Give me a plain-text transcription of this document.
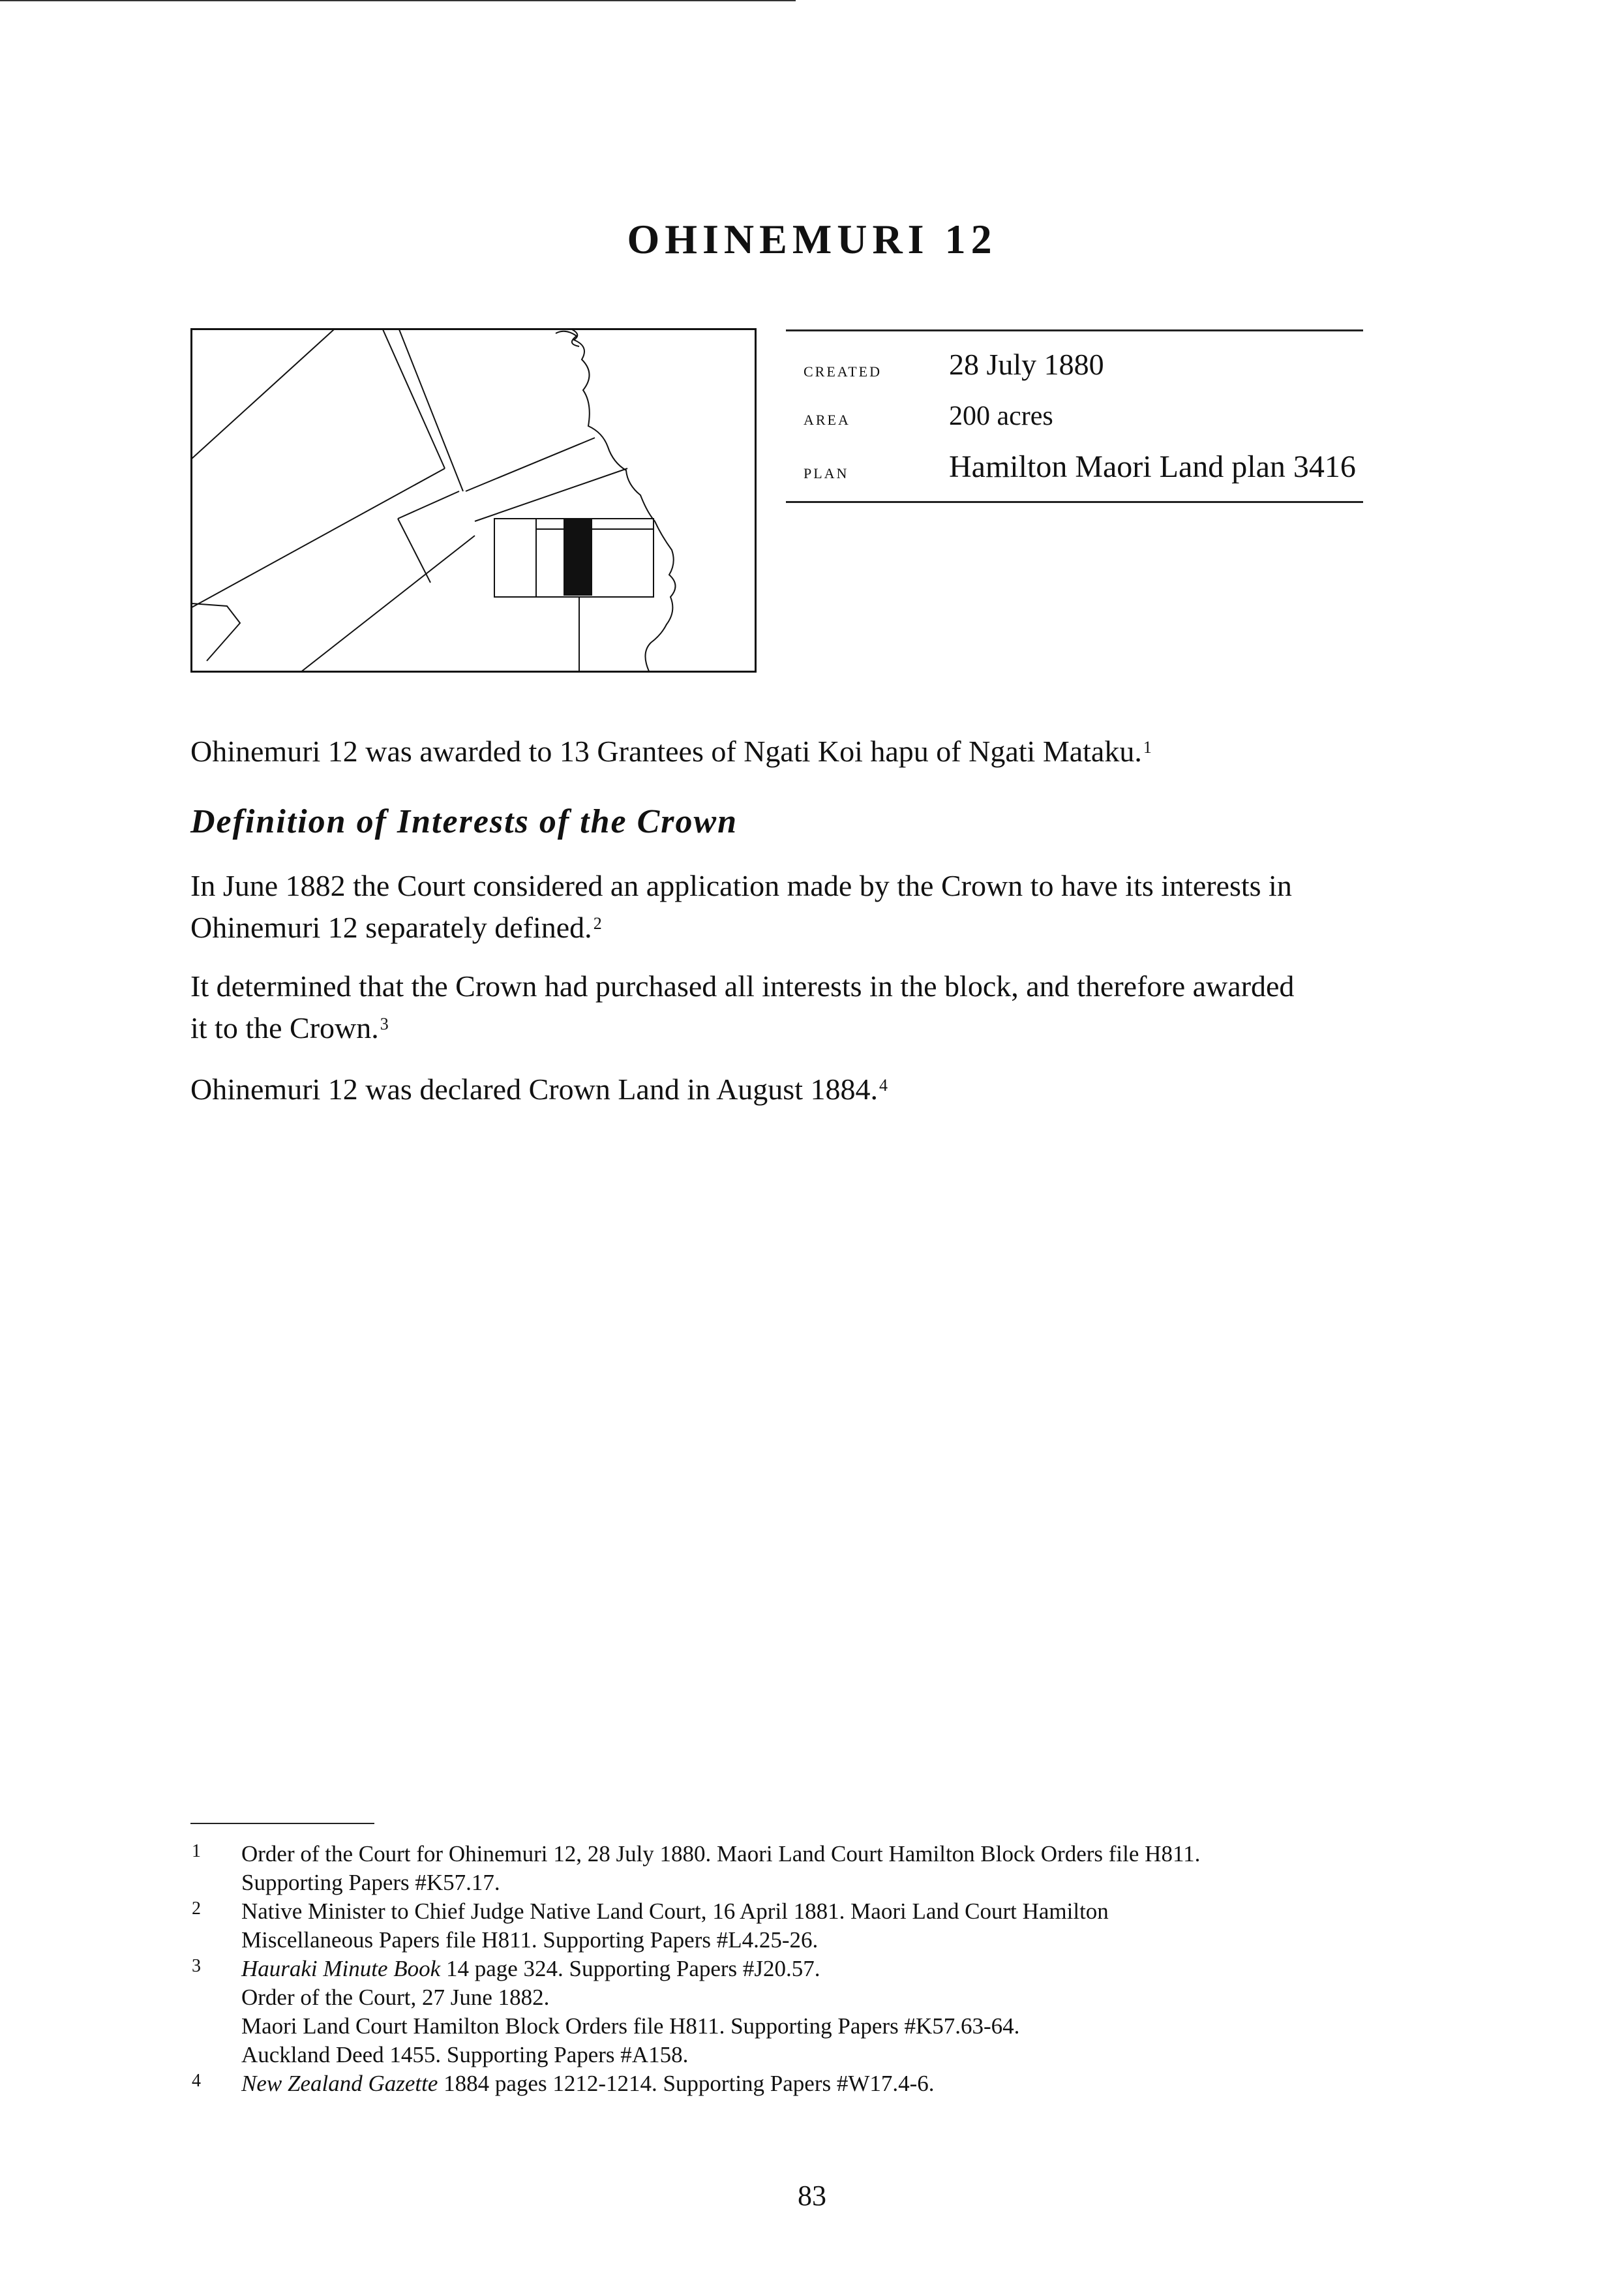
OHINEMURI 12
created 28 July 1880
area	200 acres
plan	Hamilton Maori Land plan 3416
Ohinemuri 12 was awarded to 13 Grantees of Ngati Koi hapu of Ngati Mataku.$^1$
Definition of Interests of the Crown
In June 1882 the Court considered an application made by the Crown to have its interests in
Ohinemuri 12 separately defined.$^2$
It determined that the Crown had purchased all interests in the block, and therefore awarded
it to the Crown.$^3$
Ohinemuri 12 was declared Crown Land in August 1884.$^4$
1 Order of the Court for Ohinemuri 12, 28 July 1880. Maori Land Court Hamilton Block Orders file H811.
Supporting Papers #K57.17.
2 Native Minister to Chief Judge Native Land Court, 16 April 1881. Maori Land Court Hamilton
Miscellaneous Papers file H811. Supporting Papers #L4.25-26.
3 Hauraki Minute Book 14 page 324. Supporting Papers #J20.57.
Order of the Court, 27 June 1882.
Maori Land Court Hamilton Block Orders file H811. Supporting Papers #K57.63-64.
Auckland Deed 1455. Supporting Papers #A158.
4 New Zealand Gazette 1884 pages 1212-1214. Supporting Papers #W17.4-6.
83
